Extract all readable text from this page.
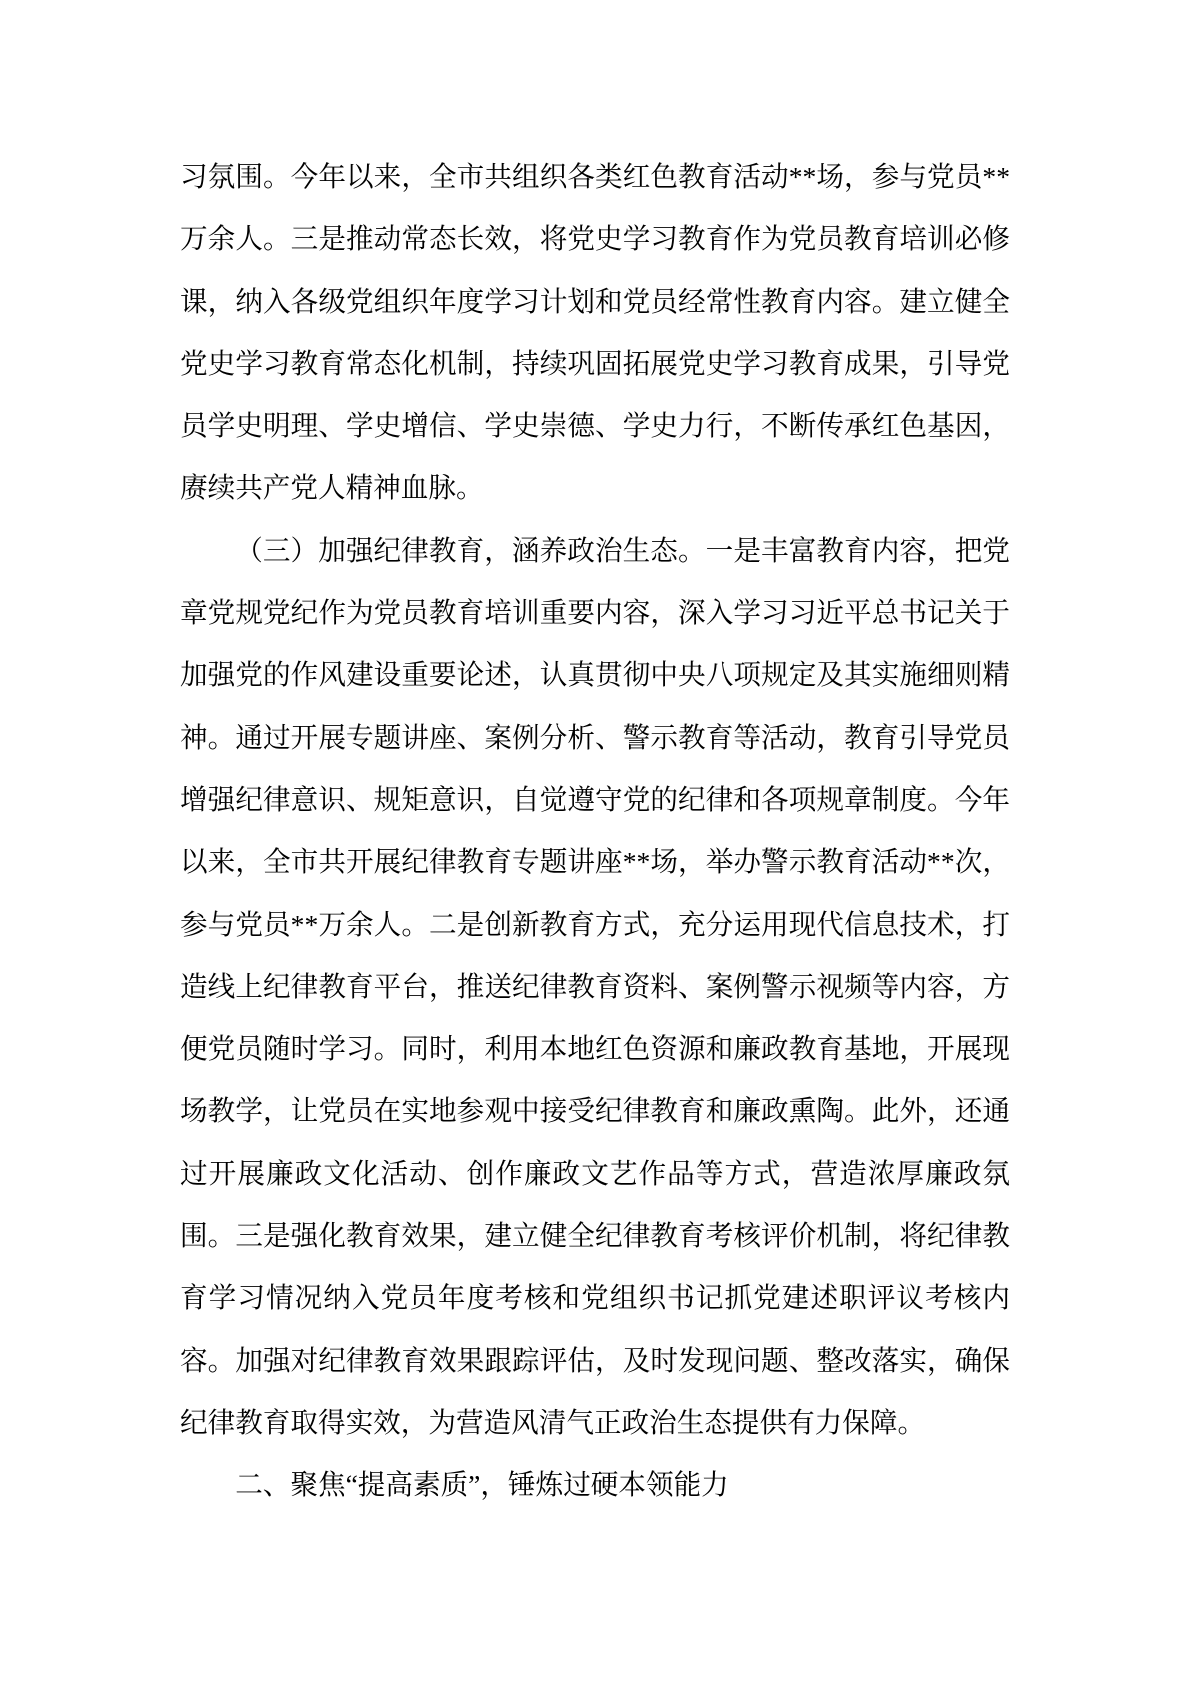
习氛围。今年以来，全市共组织各类红色教育活动**场，参与党员**万余人。三是推动常态长效，将党史学习教育作为党员教育培训必修课，纳入各级党组织年度学习计划和党员经常性教育内容。建立健全党史学习教育常态化机制，持续巩固拓展党史学习教育成果，引导党员学史明理、学史增信、学史崇德、学史力行，不断传承红色基因，赓续共产党人精神血脉。

（三）加强纪律教育，涵养政治生态。一是丰富教育内容，把党章党规党纪作为党员教育培训重要内容，深入学习习近平总书记关于加强党的作风建设重要论述，认真贯彻中央八项规定及其实施细则精神。通过开展专题讲座、案例分析、警示教育等活动，教育引导党员增强纪律意识、规矩意识，自觉遵守党的纪律和各项规章制度。今年以来，全市共开展纪律教育专题讲座**场，举办警示教育活动**次，参与党员**万余人。二是创新教育方式，充分运用现代信息技术，打造线上纪律教育平台，推送纪律教育资料、案例警示视频等内容，方便党员随时学习。同时，利用本地红色资源和廉政教育基地，开展现场教学，让党员在实地参观中接受纪律教育和廉政熏陶。此外，还通过开展廉政文化活动、创作廉政文艺作品等方式，营造浓厚廉政氛围。三是强化教育效果，建立健全纪律教育考核评价机制，将纪律教育学习情况纳入党员年度考核和党组织书记抓党建述职评议考核内容。加强对纪律教育效果跟踪评估，及时发现问题、整改落实，确保纪律教育取得实效，为营造风清气正政治生态提供有力保障。

二、聚焦“提高素质”，锤炼过硬本领能力
